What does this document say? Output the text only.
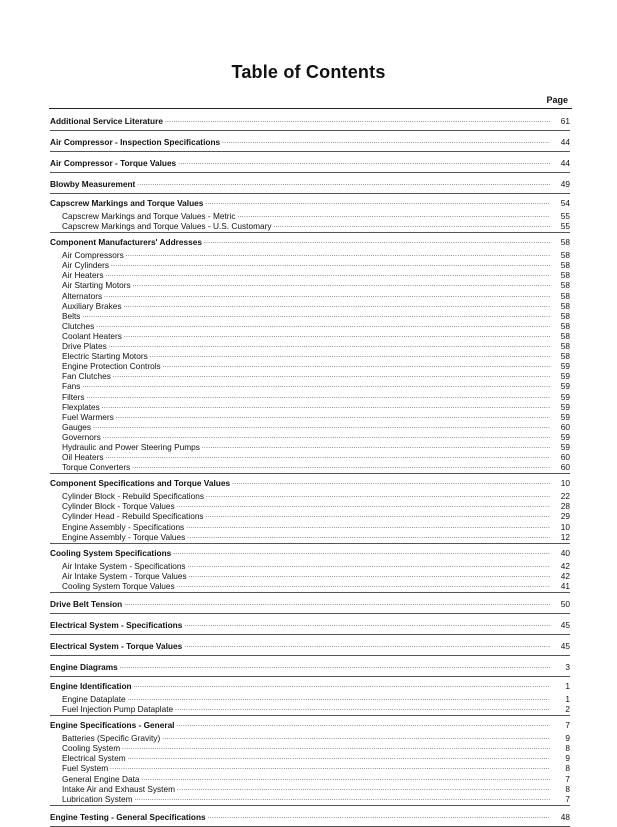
Table of Contents
Page
Additional Service Literature .....	61
Air Compressor - Inspection Specifications .....	44
Air Compressor - Torque Values .....	44
Blowby Measurement .....	49
Capscrew Markings and Torque Values .....	54
Capscrew Markings and Torque Values - Metric .....	55
Capscrew Markings and Torque Values - U.S. Customary .....	55
Component Manufacturers' Addresses .....	58
Air Compressors .....	58
Air Cylinders .....	58
Air Heaters .....	58
Air Starting Motors .....	58
Alternators .....	58
Auxiliary Brakes .....	58
Belts .....	58
Clutches .....	58
Coolant Heaters .....	58
Drive Plates .....	58
Electric Starting Motors .....	58
Engine Protection Controls .....	59
Fan Clutches .....	59
Fans .....	59
Filters .....	59
Flexplates .....	59
Fuel Warmers .....	59
Gauges .....	60
Governors .....	59
Hydraulic and Power Steering Pumps .....	59
Oil Heaters .....	60
Torque Converters .....	60
Component Specifications and Torque Values .....	10
Cylinder Block - Rebuild Specifications .....	22
Cylinder Block - Torque Values .....	28
Cylinder Head - Rebuild Specifications .....	29
Engine Assembly - Specifications .....	10
Engine Assembly - Torque Values .....	12
Cooling System Specifications .....	40
Air Intake System - Specifications .....	42
Air Intake System - Torque Values .....	42
Cooling System Torque Values .....	41
Drive Belt Tension .....	50
Electrical System - Specifications .....	45
Electrical System - Torque Values .....	45
Engine Diagrams .....	3
Engine Identification .....	1
Engine Dataplate .....	1
Fuel Injection Pump Dataplate .....	2
Engine Specifications - General .....	7
Batteries (Specific Gravity) .....	9
Cooling System .....	8
Electrical System .....	9
Fuel System .....	8
General Engine Data .....	7
Intake Air and Exhaust System .....	8
Lubrication System .....	7
Engine Testing - General Specifications .....	48
